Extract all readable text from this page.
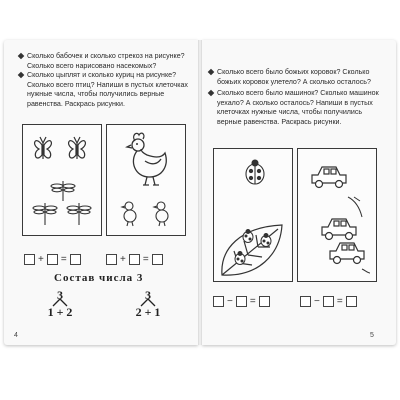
Сколько бабочек и сколько стрекоз на рисунке?

Сколько всего нарисовано насекомых?

Сколько цыплят и сколько куриц на рисунке? Сколько всего птиц? Напиши в пустых клеточках нужные числа, чтобы получились верные равенства. Раскрась рисунки.

+ =	+ =
Состав числа 3
3
1 + 2
3
2 + 1
4

Сколько всего было божьих коровок? Сколько божьих коровок улетело? А сколько осталось?

Сколько всего было машинок? Сколько машинок уехало? А сколько осталось? Напиши в пустых клеточках нужные числа, чтобы получились верные равенства. Раскрась рисунки.

− =	− =
5
